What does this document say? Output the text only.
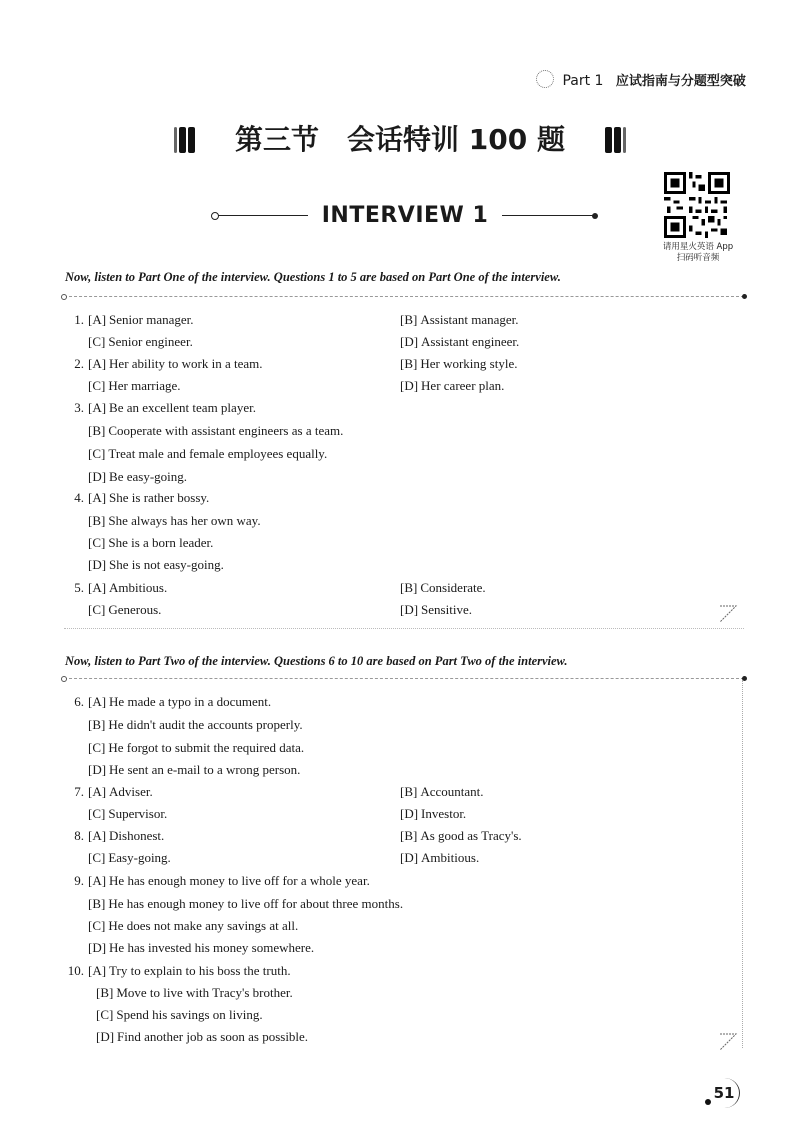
Part 1 应试指南与分题型突破
第三节　会话特训 100 题
INTERVIEW 1
请用星火英语 App
扫码听音频
Now, listen to Part One of the interview. Questions 1 to 5 are based on Part One of the interview.
1. [A] Senior manager.	[B] Assistant manager.
[C] Senior engineer.	[D] Assistant engineer.
2. [A] Her ability to work in a team.	[B] Her working style.
[C] Her marriage.	[D] Her career plan.
3. [A] Be an excellent team player.
[B] Cooperate with assistant engineers as a team.
[C] Treat male and female employees equally.
[D] Be easy-going.
4. [A] She is rather bossy.
[B] She always has her own way.
[C] She is a born leader.
[D] She is not easy-going.
5. [A] Ambitious.	[B] Considerate.
[C] Generous.	[D] Sensitive.
Now, listen to Part Two of the interview. Questions 6 to 10 are based on Part Two of the interview.
6. [A] He made a typo in a document.
[B] He didn't audit the accounts properly.
[C] He forgot to submit the required data.
[D] He sent an e-mail to a wrong person.
7. [A] Adviser.	[B] Accountant.
[C] Supervisor.	[D] Investor.
8. [A] Dishonest.	[B] As good as Tracy's.
[C] Easy-going.	[D] Ambitious.
9. [A] He has enough money to live off for a whole year.
[B] He has enough money to live off for about three months.
[C] He does not make any savings at all.
[D] He has invested his money somewhere.
10. [A] Try to explain to his boss the truth.
[B] Move to live with Tracy's brother.
[C] Spend his savings on living.
[D] Find another job as soon as possible.
51
